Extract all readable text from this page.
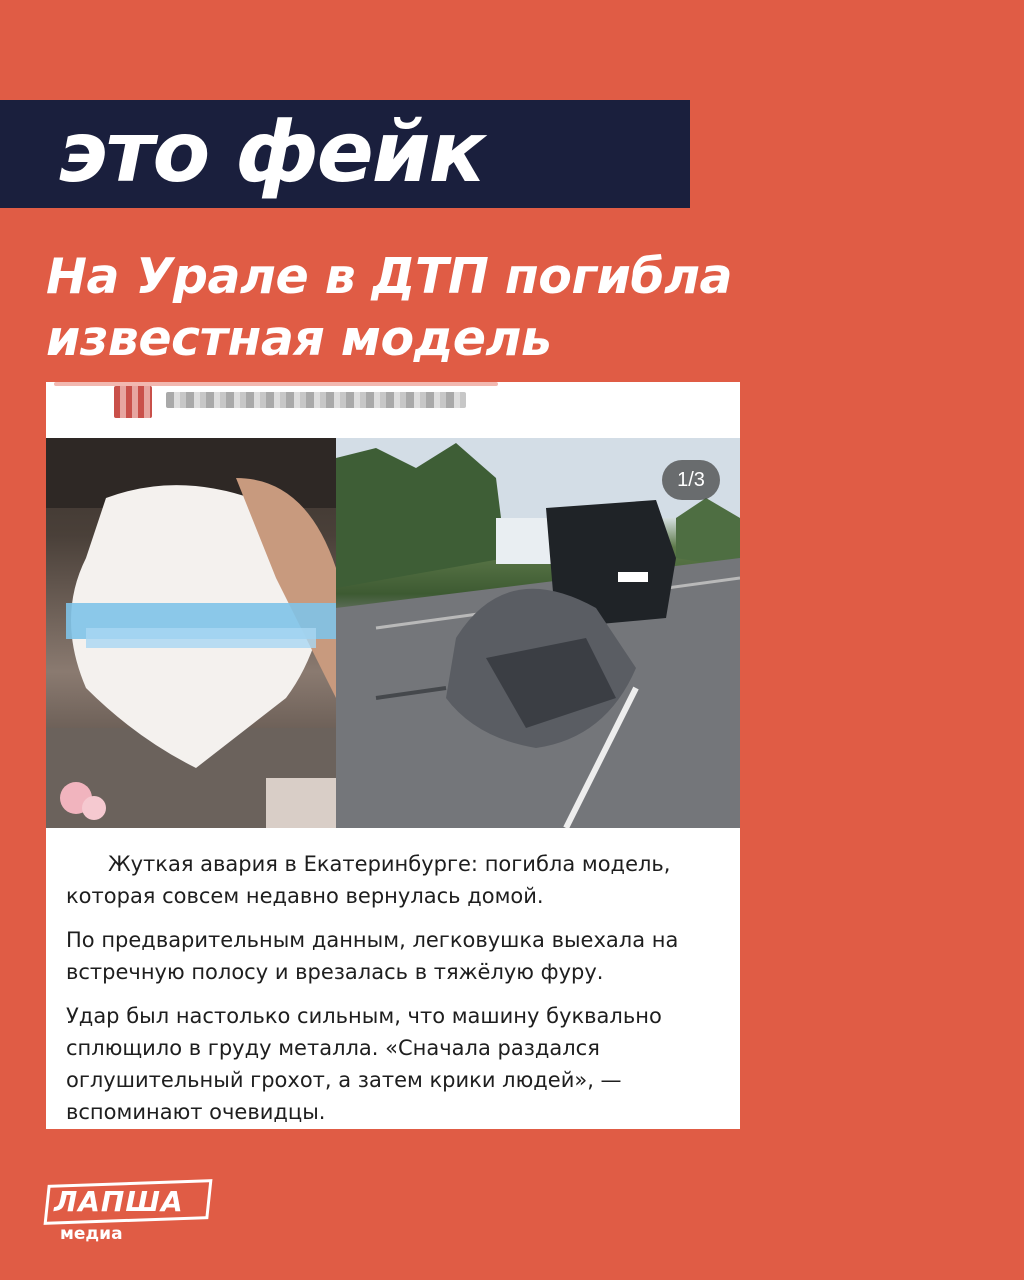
это фейк
На Урале в ДТП погибла
известная модель
1/3

Жуткая авария в Екатеринбурге: погибла модель, которая совсем недавно вернулась домой.

По предварительным данным, легковушка выехала на встречную полосу и врезалась в тяжёлую фуру.

Удар был настолько сильным, что машину буквально сплющило в груду металла. «Сначала раздался оглушительный грохот, а затем крики людей», — вспоминают очевидцы.

ЛАПША
медиа
